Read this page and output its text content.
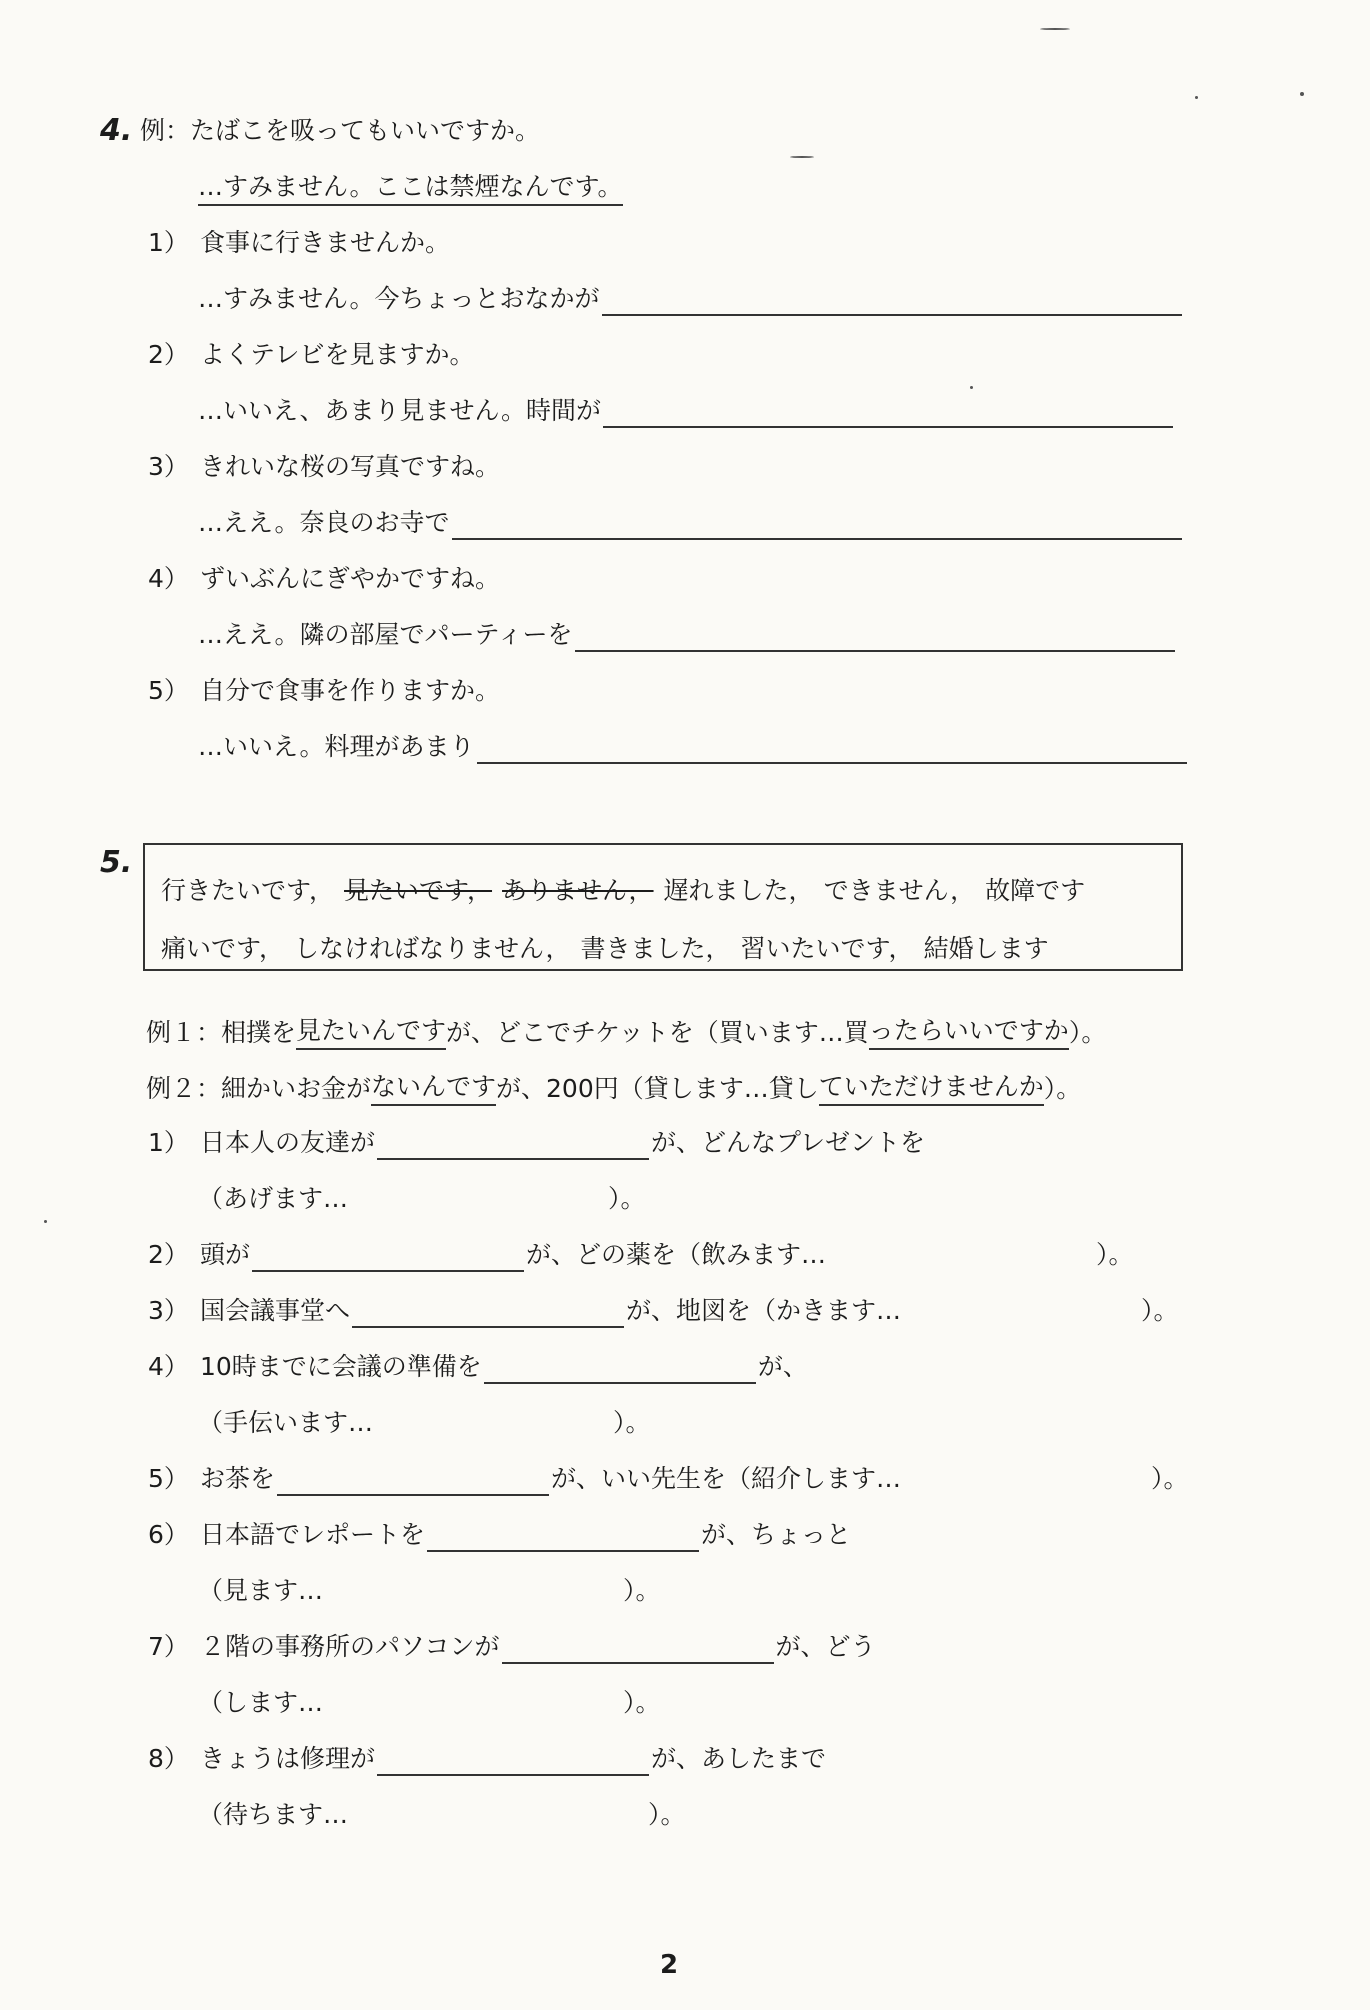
4. 例：たばこを吸ってもいいですか。
…すみません。ここは禁煙なんです。
1） 食事に行きませんか。
…すみません。今ちょっとおなかが
2） よくテレビを見ますか。
…いいえ、あまり見ません。時間が
3） きれいな桜の写真ですね。
…ええ。奈良のお寺で
4） ずいぶんにぎやかですね。
…ええ。隣の部屋でパーティーを
5） 自分で食事を作りますか。
…いいえ。料理があまり
5.
行きたいです， 見たいです， ありません， 遅れました， できません， 故障です
痛いです， しなければなりません， 書きました， 習いたいです， 結婚します
例１：相撲を 見たいんです が、どこでチケットを（買います…買 ったらいいですか ）。
例２：細かいお金が ないんです が、200円（貸します…貸し ていただけませんか ）。
1） 日本人の友達が	が、どんなプレゼントを
（あげます…	）。
2） 頭が	が、どの薬を（飲みます…	）。
3） 国会議事堂へ	が、地図を（かきます…	）。
4） 10時までに会議の準備を	が、
（手伝います…	）。
5） お茶を	が、いい先生を（紹介します…	）。
6） 日本語でレポートを	が、ちょっと
（見ます…	）。
7） ２階の事務所のパソコンが	が、どう
（します…	）。
8） きょうは修理が	が、あしたまで
（待ちます…	）。
2
